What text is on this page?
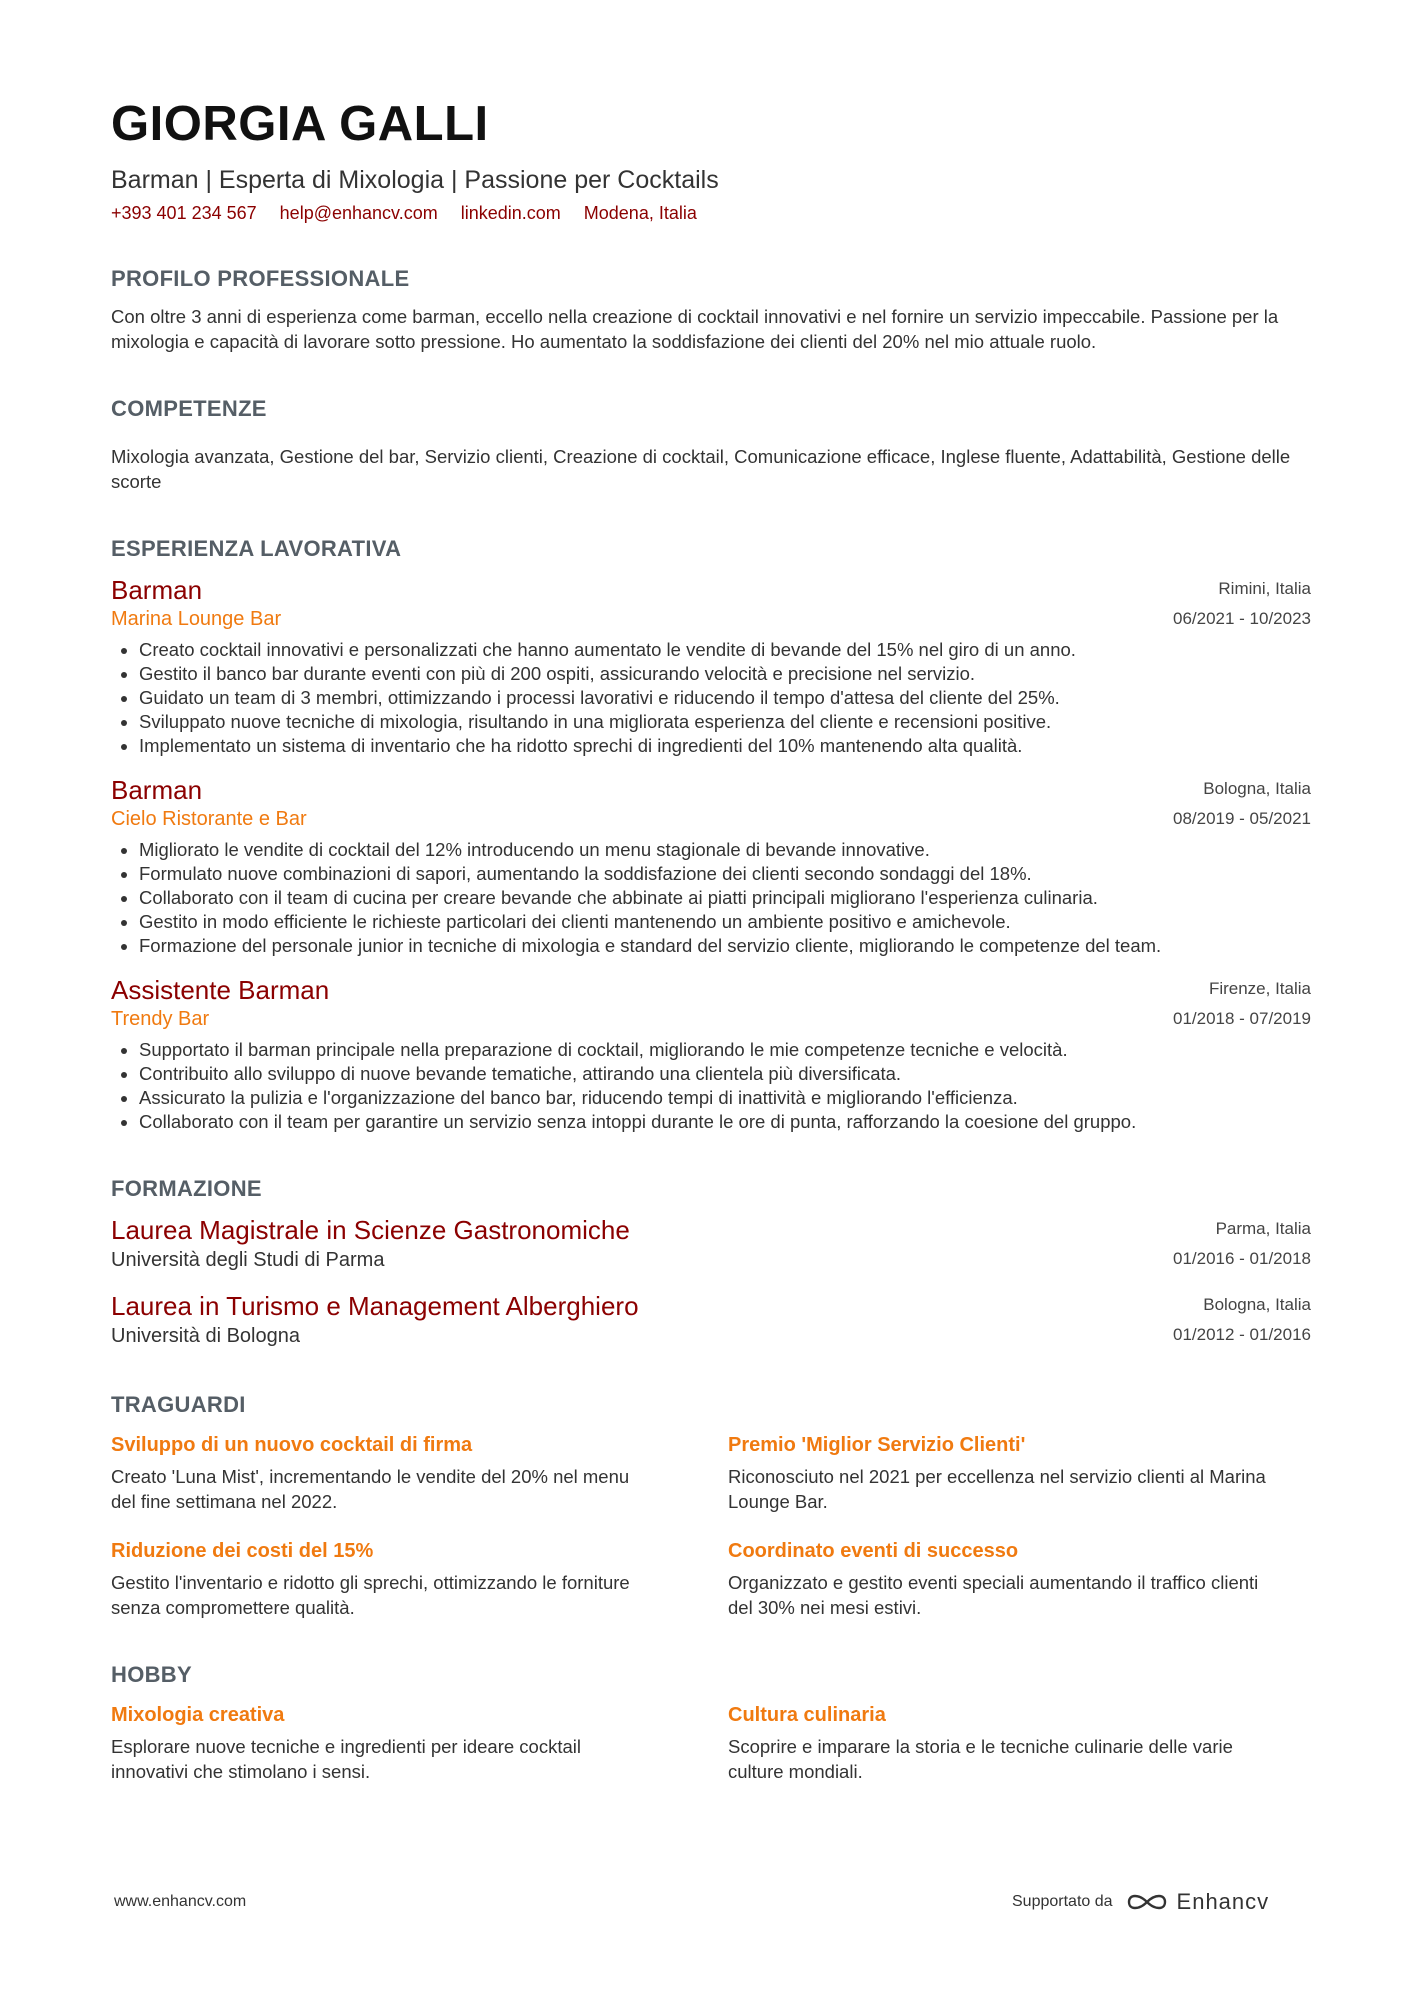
GIORGIA GALLI
Barman | Esperta di Mixologia | Passione per Cocktails
+393 401 234 567 help@enhancv.com linkedin.com Modena, Italia
PROFILO PROFESSIONALE
Con oltre 3 anni di esperienza come barman, eccello nella creazione di cocktail innovativi e nel fornire un servizio impeccabile. Passione per la mixologia e capacità di lavorare sotto pressione. Ho aumentato la soddisfazione dei clienti del 20% nel mio attuale ruolo.
COMPETENZE
Mixologia avanzata, Gestione del bar, Servizio clienti, Creazione di cocktail, Comunicazione efficace, Inglese fluente, Adattabilità, Gestione delle scorte
ESPERIENZA LAVORATIVA
Barman
Marina Lounge Bar
Rimini, Italia
06/2021 - 10/2023
• Creato cocktail innovativi e personalizzati che hanno aumentato le vendite di bevande del 15% nel giro di un anno.
• Gestito il banco bar durante eventi con più di 200 ospiti, assicurando velocità e precisione nel servizio.
• Guidato un team di 3 membri, ottimizzando i processi lavorativi e riducendo il tempo d'attesa del cliente del 25%.
• Sviluppato nuove tecniche di mixologia, risultando in una migliorata esperienza del cliente e recensioni positive.
• Implementato un sistema di inventario che ha ridotto sprechi di ingredienti del 10% mantenendo alta qualità.
Barman
Cielo Ristorante e Bar
Bologna, Italia
08/2019 - 05/2021
• Migliorato le vendite di cocktail del 12% introducendo un menu stagionale di bevande innovative.
• Formulato nuove combinazioni di sapori, aumentando la soddisfazione dei clienti secondo sondaggi del 18%.
• Collaborato con il team di cucina per creare bevande che abbinate ai piatti principali migliorano l'esperienza culinaria.
• Gestito in modo efficiente le richieste particolari dei clienti mantenendo un ambiente positivo e amichevole.
• Formazione del personale junior in tecniche di mixologia e standard del servizio cliente, migliorando le competenze del team.
Assistente Barman
Trendy Bar
Firenze, Italia
01/2018 - 07/2019
• Supportato il barman principale nella preparazione di cocktail, migliorando le mie competenze tecniche e velocità.
• Contribuito allo sviluppo di nuove bevande tematiche, attirando una clientela più diversificata.
• Assicurato la pulizia e l'organizzazione del banco bar, riducendo tempi di inattività e migliorando l'efficienza.
• Collaborato con il team per garantire un servizio senza intoppi durante le ore di punta, rafforzando la coesione del gruppo.
FORMAZIONE
Laurea Magistrale in Scienze Gastronomiche
Università degli Studi di Parma
Parma, Italia
01/2016 - 01/2018
Laurea in Turismo e Management Alberghiero
Università di Bologna
Bologna, Italia
01/2012 - 01/2016
TRAGUARDI
Sviluppo di un nuovo cocktail di firma
Creato 'Luna Mist', incrementando le vendite del 20% nel menu del fine settimana nel 2022.
Premio 'Miglior Servizio Clienti'
Riconosciuto nel 2021 per eccellenza nel servizio clienti al Marina Lounge Bar.
Riduzione dei costi del 15%
Gestito l'inventario e ridotto gli sprechi, ottimizzando le forniture senza compromettere qualità.
Coordinato eventi di successo
Organizzato e gestito eventi speciali aumentando il traffico clienti del 30% nei mesi estivi.
HOBBY
Mixologia creativa
Esplorare nuove tecniche e ingredienti per ideare cocktail innovativi che stimolano i sensi.
Cultura culinaria
Scoprire e imparare la storia e le tecniche culinarie delle varie culture mondiali.
www.enhancv.com	Supportato da	Enhancv
